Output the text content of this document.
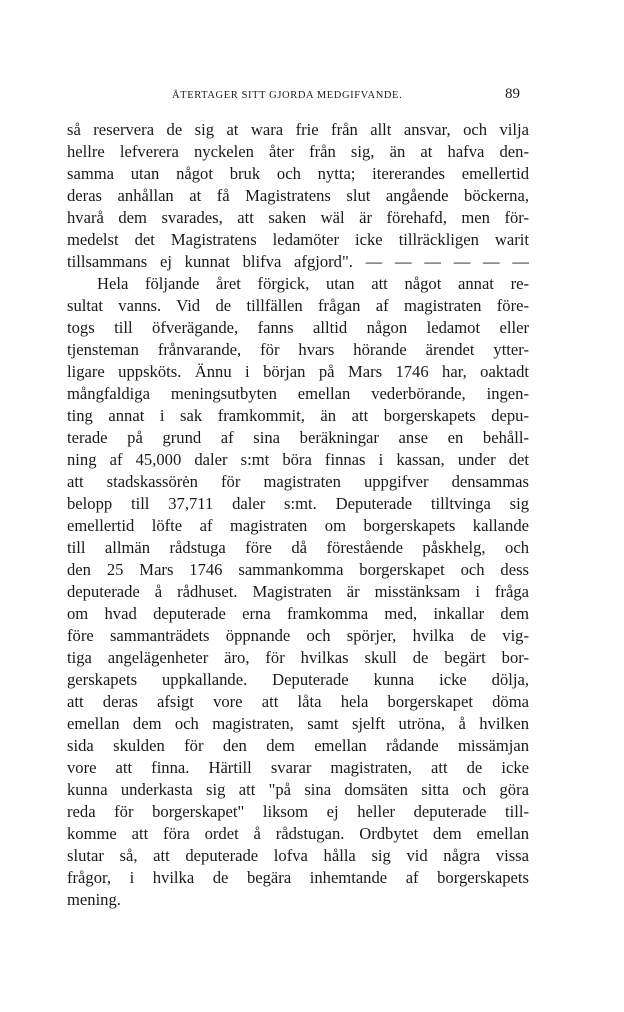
ÅTERTAGER SITT GJORDA MEDGIFVANDE.	89
så reservera de sig at wara frie från allt ansvar, och vilja
hellre lefverera nyckelen åter från sig, än at hafva den-
samma utan något bruk och nytta; itererandes emellertid
deras anhållan at få Magistratens slut angående böckerna,
hvarå dem svarades, att saken wäl är förehafd, men för-
medelst det Magistratens ledamöter icke tillräckligen warit
tillsammans ej kunnat blifva afgjord". — — — — — —
Hela följande året förgick, utan att något annat re-
sultat vanns. Vid de tillfällen frågan af magistraten före-
togs till öfverägande, fanns alltid någon ledamot eller
tjensteman frånvarande, för hvars hörande ärendet ytter-
ligare uppsköts. Ännu i början på Mars 1746 har, oaktadt
mångfaldiga meningsutbyten emellan vederbörande, ingen-
ting annat i sak framkommit, än att borgerskapets depu-
terade på grund af sina beräkningar anse en behåll-
ning af 45,000 daler s:mt böra finnas i kassan, under det
att stadskassörėn för magistraten uppgifver densammas
belopp till 37,711 daler s:mt. Deputerade tilltvinga sig
emellertid löfte af magistraten om borgerskapets kallande
till allmän rådstuga före då förestående påskhelg, och
den 25 Mars 1746 sammankomma borgerskapet och dess
deputerade å rådhuset. Magistraten är misstänksam i fråga
om hvad deputerade erna framkomma med, inkallar dem
före sammanträdets öppnande och spörjer, hvilka de vig-
tiga angelägenheter äro, för hvilkas skull de begärt bor-
gerskapets uppkallande. Deputerade kunna icke dölja,
att deras afsigt vore att låta hela borgerskapet döma
emellan dem och magistraten, samt sjelft utröna, å hvilken
sida skulden för den dem emellan rådande missämjan
vore att finna. Härtill svarar magistraten, att de icke
kunna underkasta sig att "på sina domsäten sitta och göra
reda för borgerskapet" liksom ej heller deputerade till-
komme att föra ordet å rådstugan. Ordbytet dem emellan
slutar så, att deputerade lofva hålla sig vid några vissa
frågor, i hvilka de begära inhemtande af borgerskapets
mening.
